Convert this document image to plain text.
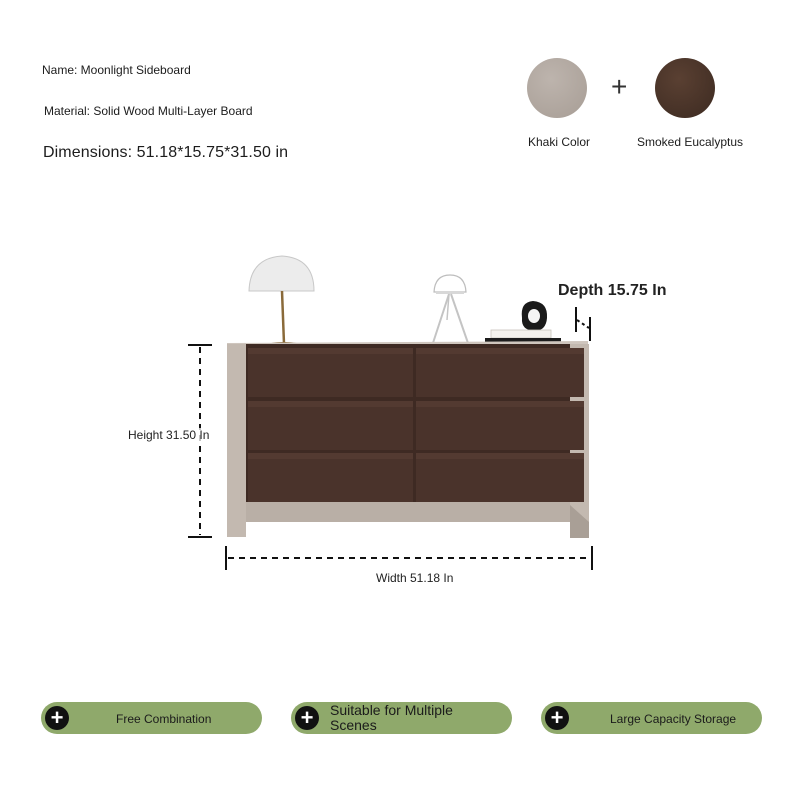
Name: Moonlight Sideboard
Material: Solid Wood Multi-Layer Board
Dimensions: 51.18*15.75*31.50 in
+
Khaki Color	Smoked Eucalyptus
Depth 15.75 In
Height 31.50 In
Width 51.18 In
+	Free Combination	+	Suitable for Multiple Scenes	+	Large Capacity Storage
